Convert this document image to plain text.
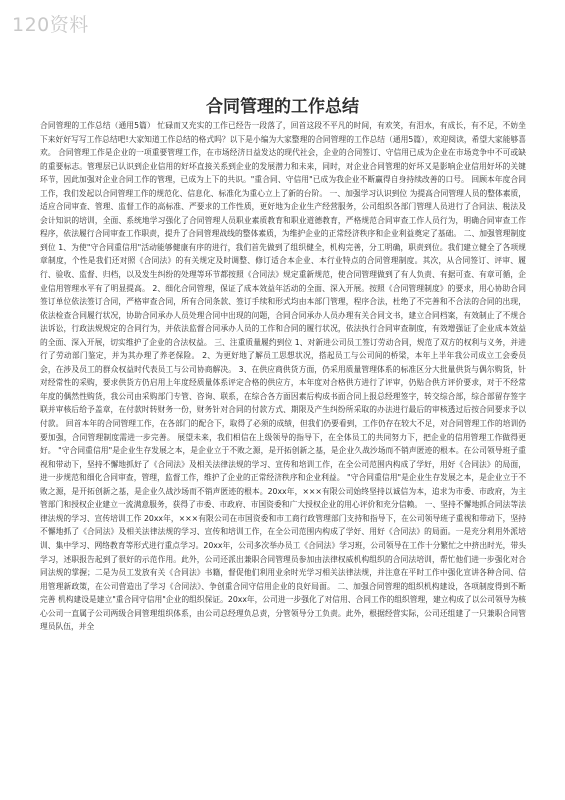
120资料
合同管理的工作总结

合同管理的工作总结（通用5篇） 忙碌而又充实的工作已经告一段落了，回首这段不平凡的时间，有欢笑，有泪水，有成长，有不足，不妨坐下来好好写写工作总结吧!大家知道工作总结的格式吗？以下是小编为大家整理的合同管理的工作总结（通用5篇），欢迎阅读，希望大家能够喜欢。 合同管理工作是企业的一项重要管理工作，在市场经济日益发达的现代社会，企业的合同签订、守信用已成为企业在市场竞争中不可或缺的重要标志。管理层已认识到企业信用的好坏直接关系到企业的发展潜力和未来，同时，对企业合同管理的好坏又是影响企业信用好坏的关键环节，因此加强对企业合同工作的管理，已成为上下的共识。"重合同、守信用"已成为我企业不断赢得自身持续改善的口号。 回顾本年度合同工作，我们发起以合同管理工作的规范化、信息化、标准化为重心立上了新的台阶。 一、加强学习认识到位 为提高合同管理人员的整体素质，适应合同审查、管理、监督工作的高标准、严要求的工作性质，更好地为企业生产经营服务，公司组织各部门管理人员进行了合同法、税法及会计知识的培训，全面、系统地学习强化了合同管理人员职业素质教育和职业道德教育，严格规范合同审查工作人员行为，明确合同审查工作程序，依法履行合同审查工作职责，提升了合同管理战线的整体素质，为维护企业的正常经济秩序和企业利益奠定了基础。 二、加强管理制度到位 1、为使"守合同重信用"活动能够健康有序的进行，我们首先做到了组织健全，机构完善，分工明确，职责到位。我们建立健全了各项规章制度，个性是我们还对照《合同法》的有关规定及时调整、修订适合本企业、本行业特点的合同管理制度。其次，从合同签订、评审、履行、验收、监督、归档，以及发生纠纷的处理等环节都按照《合同法》规定重新规范，使合同管理做到了有人负责、有据可查、有章可循，企业信用管理水平有了明显提高。 2、细化合同管理，保证了成本效益年活动的全面、深入开展。按照《合同管理制度》的要求，用心协助合同签订单位依法签订合同，严格审查合同，所有合同条款、签订手续和形式均由本部门管理，程序合法，杜绝了不完善和不合法的合同的出现，依法检查合同履行状况，协助合同承办人员处理合同中出现的问题，合同合同承办人员办理有关合同文书，建立合同档案，有效制止了不规合法诉讼，行政法规规定的合同行为，并依法监督合同承办人员的工作和合同的履行状况，依法执行合同审查制度，有效增强证了企业成本效益的全面、深入开展，切实维护了企业的合法权益。 三、注重质量履约到位 1、对新进公司员工签订劳动合同，规范了双方的权利与义务，并进行了劳动部门鉴定，并为其办理了养老保险。 2、为更好地了解员工思想状况，搭起员工与公司间的桥梁，本年上半年我公司成立工会委员会，在涉及员工的群众权益时代表员工与公司协商解决。 3、在供应商供货方面，仍采用质量管理体系的标准区分大批量供货与偶尔购货，针对经常性的采购，要求供货方仍启用上年度经质量体系评定合格的供应方，本年度对合格供方进行了评审，仍贴合供方评价要求，对于不经常年度的偶然性购货，我公司由采购部门专管、咨询、联系，在综合各方面因素后构成书面合同上报总经理签字，转交综合部，综合部留存签字联并审核后给予盖章，在付款时转财务一份，财务针对合同的付款方式、期限及产生纠纷所采取的办法进行最后的审核透过后按合同要求予以付款。 回首本年的合同管理工作，在各部门的配合下，取得了必须的成绩，但我们仍要看到，工作仍存在较大不足，对合同管理工作的培训仍要加强，合同管理制度需进一步完善。 展望未来，我们相信在上级领导的指导下，在全体员工的共同努力下，把企业的信用管理工作做得更好。 "守合同重信用"是企业生存发展之本，是企业立于不败之源，是开拓创新之基，是企业久战沙场而不销声匿迹的根本。在公司领导班子重视和带动下，坚持不懈地抓好了《合同法》及相关法律法规的学习、宣传和培训工作，在全公司范围内构成了学好，用好《合同法》的局面，进一步规范和细化合同审查，管理，监督工作，维护了企业的正常经济秩序和企业利益。 "守合同重信用"是企业生存发展之本，是企业立于不败之源，是开拓创新之基，是企业久战沙场而不销声匿迹的根本。20xx年，×××有限公司始终坚持以诚信为本，追求为市委、市政府，为主管部门和授权企业建立一流满意服务，获得了市委、市政府、市国资委和广大授权企业的用心评价和充分信赖。 一、坚持不懈地抓合同法等法律法规的学习、宣传培训工作 20xx年，×××有限公司在市国资委和市工商行政管理部门支持和指导下，在公司领导班子重视和带动下，坚持不懈地抓了《合同法》及相关法律法规的学习、宣传和培训工作，在全公司范围内构成了学好、用好《合同法》的局面。一是充分利用外派培训、集中学习、网络教育等形式进行重点学习。20xx年，公司多次举办员工《合同法》学习班，公司领导在工作十分繁忙之中挤出时光，带头学习，述职报告起到了很好的示范作用。此外，公司还派出兼职合同管理员参加由法律权威机构组织的合同法培训，帮忙他们进一步强化对合同法规的掌握；二是为员工发放有关《合同法》书籍，督促他们利用业余时光学习相关法律法规，并注意在平时工作中强化宣讲各种合同、信用管理新政策，在公司营造出了学习《合同法》、争创重合同守信用企业的良好局面。 二、加强合同管理的组织机构建设，各项制度得到不断完善 机构建设是建立"重合同守信用"企业的组织保证。20xx年，公司进一步强化了对信用、合同工作的组织管理，建立构成了以公司领导为核心公司一直属子公司两级合同管理组织体系，由公司总经理负总责，分管领导分工负责。此外，根据经营实际，公司还组建了一只兼职合同管理员队伍，并全
